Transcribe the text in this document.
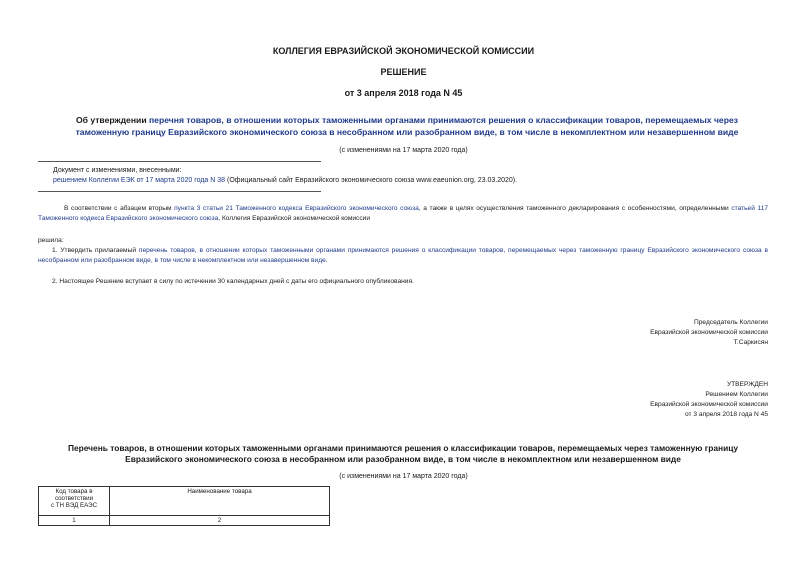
КОЛЛЕГИЯ ЕВРАЗИЙСКОЙ ЭКОНОМИЧЕСКОЙ КОМИССИИ
РЕШЕНИЕ
от 3 апреля 2018 года N 45
Об утверждении перечня товаров, в отношении которых таможенными органами принимаются решения о классификации товаров, перемещаемых через таможенную границу Евразийского экономического союза в несобранном или разобранном виде, в том числе в некомплектном или незавершенном виде
(с изменениями на 17 марта 2020 года)
Документ с изменениями, внесенными:
решением Коллегии ЕЭК от 17 марта 2020 года N 38 (Официальный сайт Евразийского экономического союза www.eaeunion.org, 23.03.2020).
В соответствии с абзацем вторым пункта 3 статьи 21 Таможенного кодекса Евразийского экономического союза, а также в целях осуществления таможенного декларирования с особенностями, определенными статьей 117 Таможенного кодекса Евразийского экономического союза, Коллегия Евразийской экономической комиссии
решила:
1. Утвердить прилагаемый перечень товаров, в отношении которых таможенными органами принимаются решения о классификации товаров, перемещаемых через таможенную границу Евразийского экономического союза в несобранном или разобранном виде, в том числе в некомплектном или незавершенном виде.
2. Настоящее Решение вступает в силу по истечении 30 календарных дней с даты его официального опубликования.
Председатель Коллегии
Евразийской экономической комиссии
Т.Саркисян
УТВЕРЖДЕН
Решением Коллегии
Евразийской экономической комиссии
от 3 апреля 2018 года N 45
Перечень товаров, в отношении которых таможенными органами принимаются решения о классификации товаров, перемещаемых через таможенную границу Евразийского экономического союза в несобранном или разобранном виде, в том числе в некомплектном или незавершенном виде
(с изменениями на 17 марта 2020 года)
Код товара в
соответствии
с ТН ВЭД ЕАЭС	Наименование товара
1	2
